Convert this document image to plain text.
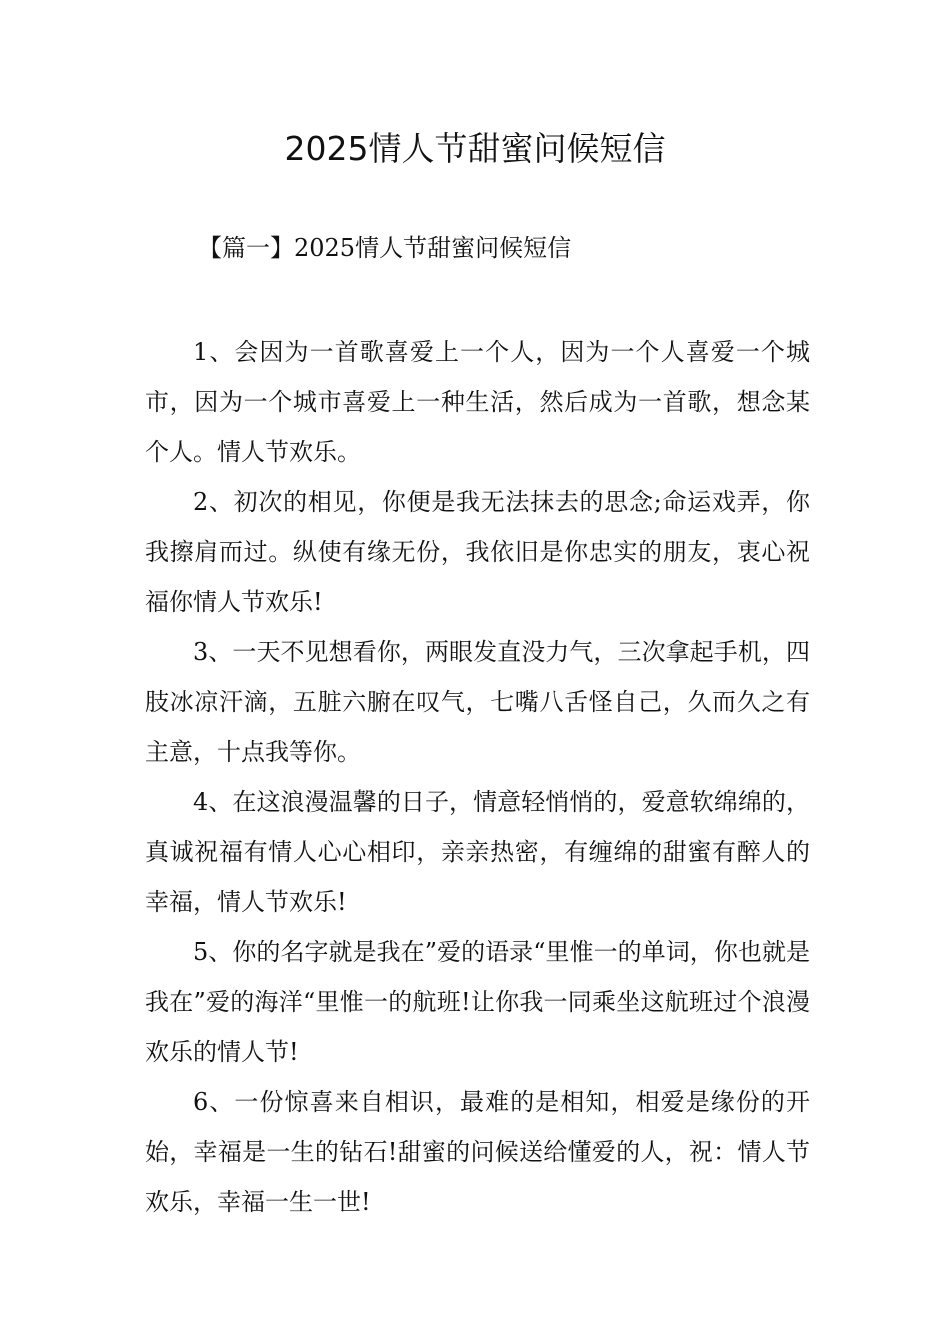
2025情人节甜蜜问候短信

【篇一】2025情人节甜蜜问候短信

1、会因为一首歌喜爱上一个人，因为一个人喜爱一个城市，因为一个城市喜爱上一种生活，然后成为一首歌，想念某个人。情人节欢乐。

2、初次的相见，你便是我无法抹去的思念;命运戏弄，你我擦肩而过。纵使有缘无份，我依旧是你忠实的朋友，衷心祝福你情人节欢乐!

3、一天不见想看你，两眼发直没力气，三次拿起手机，四肢冰凉汗滴，五脏六腑在叹气，七嘴八舌怪自己，久而久之有主意，十点我等你。

4、在这浪漫温馨的日子，情意轻悄悄的，爱意软绵绵的，真诚祝福有情人心心相印，亲亲热密，有缠绵的甜蜜有醉人的幸福，情人节欢乐!

5、你的名字就是我在”爱的语录“里惟一的单词，你也就是我在”爱的海洋“里惟一的航班!让你我一同乘坐这航班过个浪漫欢乐的情人节!

6、一份惊喜来自相识，最难的是相知，相爱是缘份的开始，幸福是一生的钻石!甜蜜的问候送给懂爱的人，祝：情人节欢乐，幸福一生一世!
